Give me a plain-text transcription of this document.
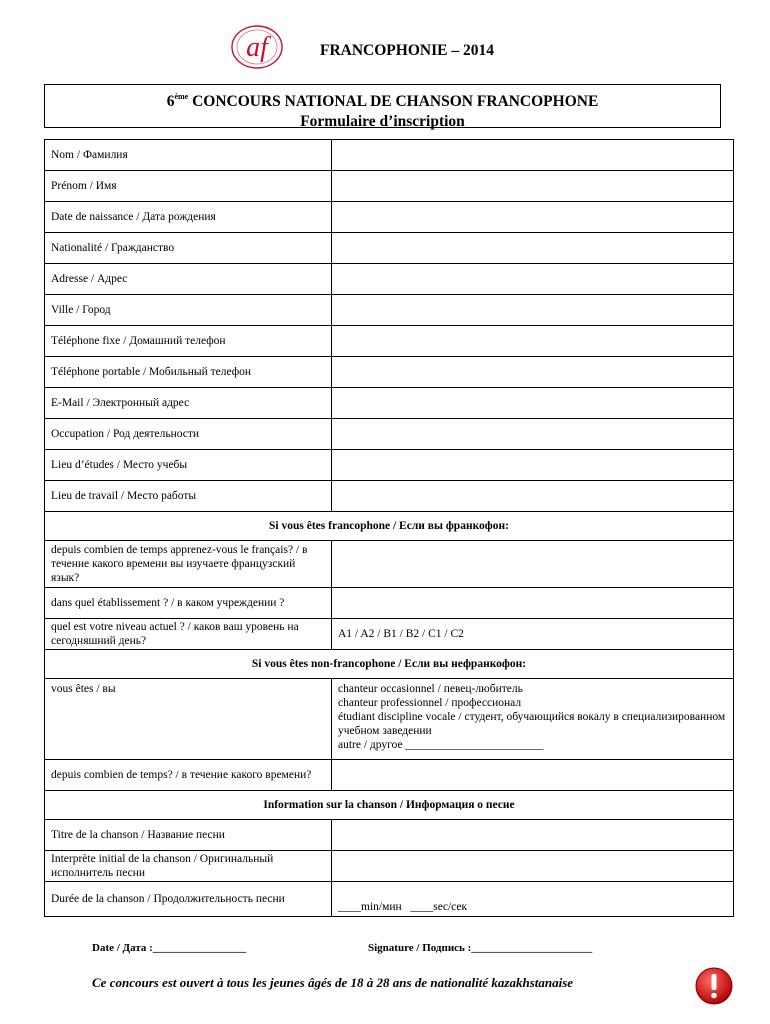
af	FRANCOPHONIE – 2014
6ème CONCOURS NATIONAL DE CHANSON FRANCOPHONE
Formulaire d’inscription
Nom / Фамилия	
Prénom / Имя	
Date de naissance / Дата рождения	
Nationalité / Гражданство	
Adresse / Адрес	
Ville / Город	
Téléphone fixe / Домашний телефон	
Téléphone portable / Мобильный телефон	
E-Mail / Электронный адрес	
Occupation / Род деятельности	
Lieu d’études / Место учебы	
Lieu de travail / Место работы	
Si vous êtes francophone / Если вы франкофон:	
depuis combien de temps apprenez-vous le français? / в течение какого времени вы изучаете французский язык?	
dans quel établissement ? / в каком учреждении ?	
quel est votre niveau actuel ? / каков ваш уровень на сегодняшний день?	A1 / A2 / B1 / B2 / C1 / C2
Si vous êtes non-francophone / Если вы нефранкофон:	
vous êtes / вы	chanteur occasionnel / певец-любитель
chanteur professionnel / профессионал
étudiant discipline vocale / студент, обучающийся вокалу в специализированном учебном заведении
autre / другое ________________________

depuis combien de temps? / в течение какого времени?	
Information sur la chanson / Информация о песне	
Titre de la chanson / Название песни	
Interprète initial de la chanson / Оригинальный исполнитель песни	
Durée de la chanson / Продолжительность песни	____min/мин   ____sec/сек
Date / Дата :_________________	Signature / Подпись :______________________
Ce concours est ouvert à tous les jeunes âgés de 18 à 28 ans de nationalité kazakhstanaise
